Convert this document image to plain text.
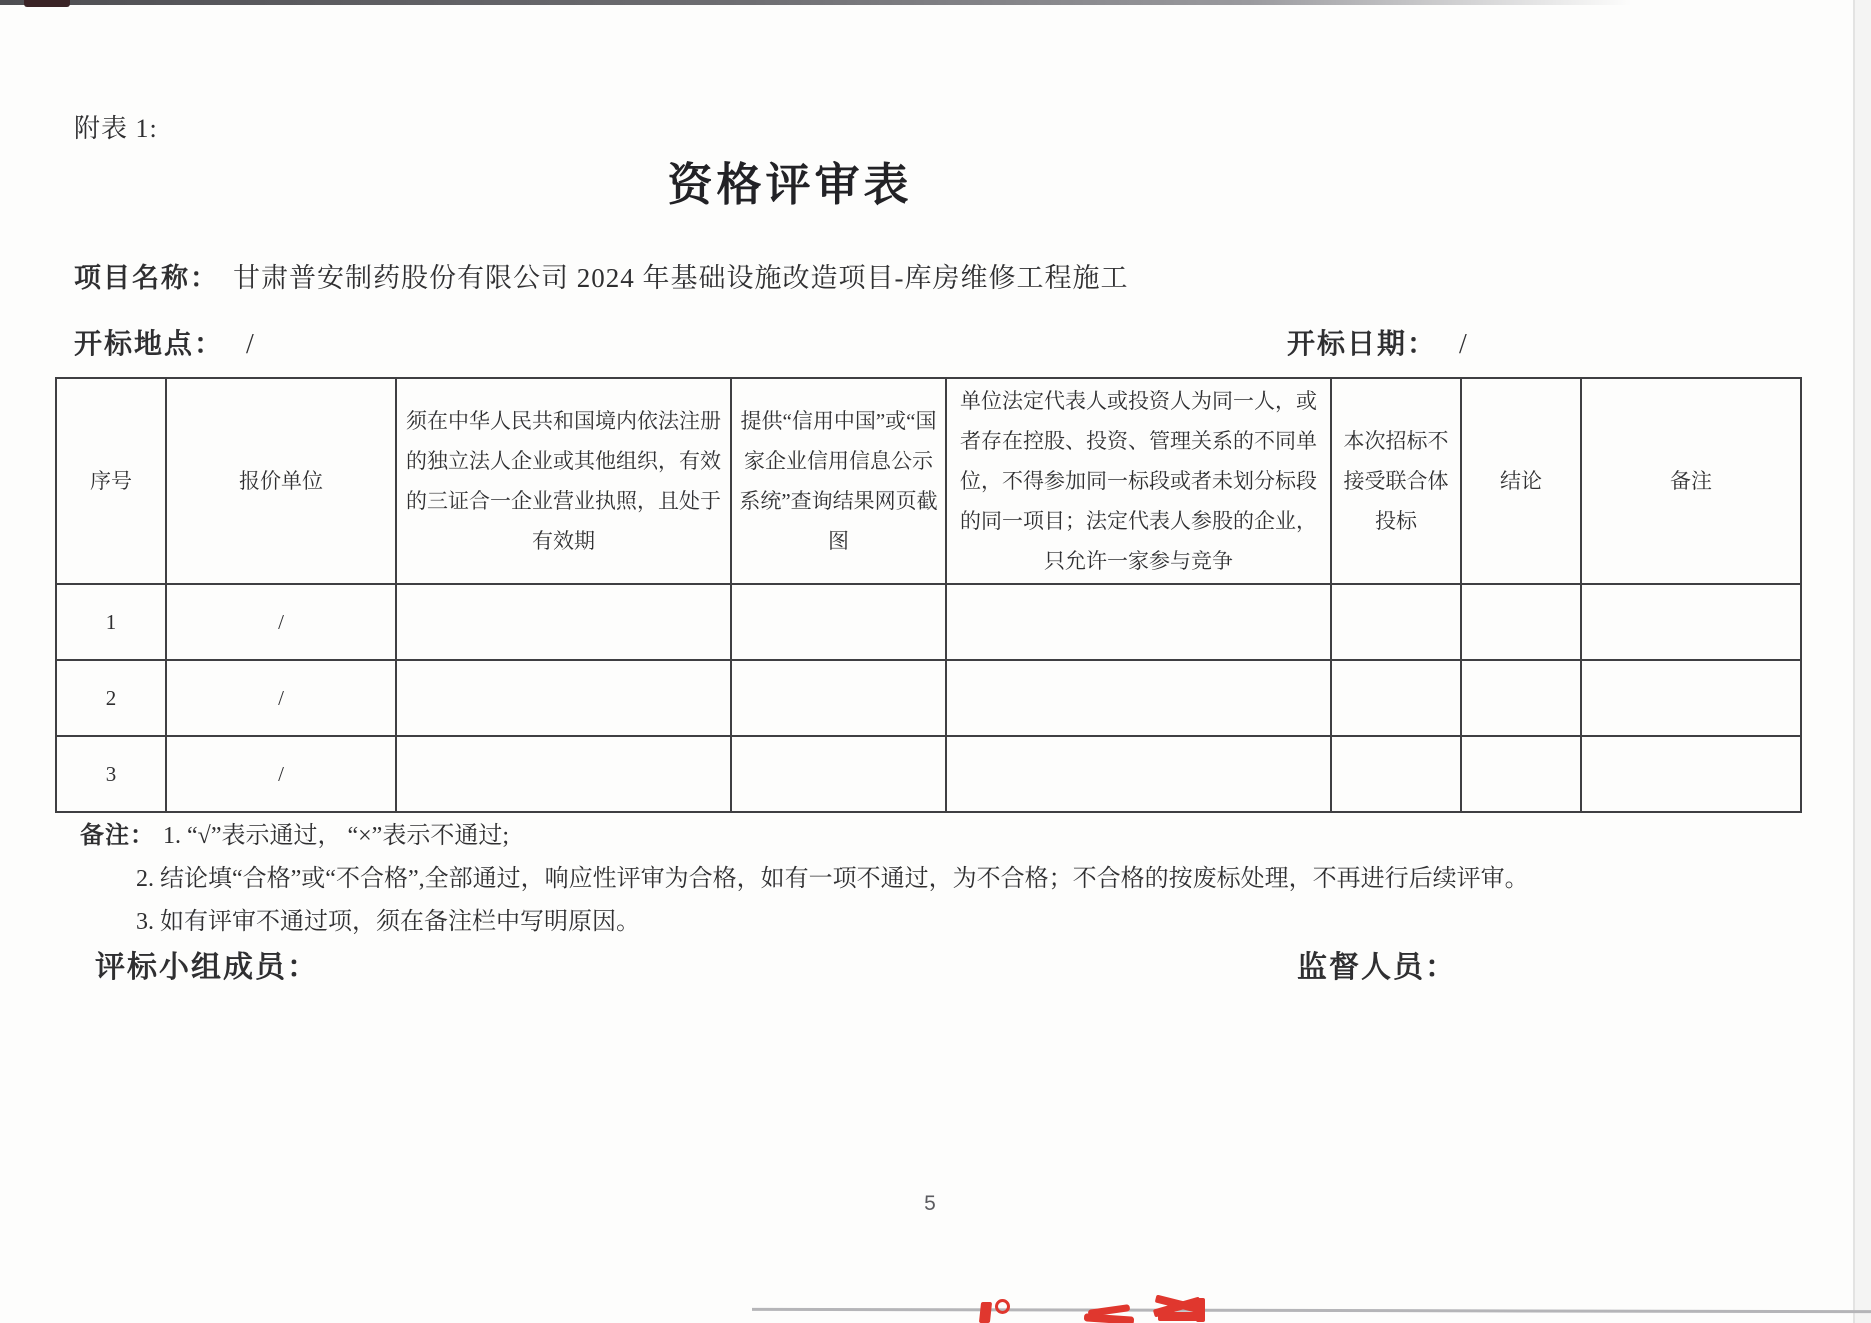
附表 1:
资格评审表
项目名称： 甘肃普安制药股份有限公司 2024 年基础设施改造项目-库房维修工程施工
开标地点： /	开标日期： /
序号	报价单位	须在中华人民共和国境内依法注册的独立法人企业或其他组织，有效的三证合一企业营业执照，且处于有效期	提供“信用中国”或“国家企业信用信息公示系统”查询结果网页截图	单位法定代表人或投资人为同一人，或者存在控股、投资、管理关系的不同单位，不得参加同一标段或者未划分标段的同一项目；法定代表人参股的企业，只允许一家参与竞争	本次招标不接受联合体投标	结论	备注
1	/						
2	/						
3	/						
备注： 1. “√”表示通过， “×”表示不通过;
2. 结论填“合格”或“不合格”,全部通过，响应性评审为合格，如有一项不通过，为不合格；不合格的按废标处理，不再进行后续评审。
3. 如有评审不通过项，须在备注栏中写明原因。
评标小组成员：	监督人员：
5
